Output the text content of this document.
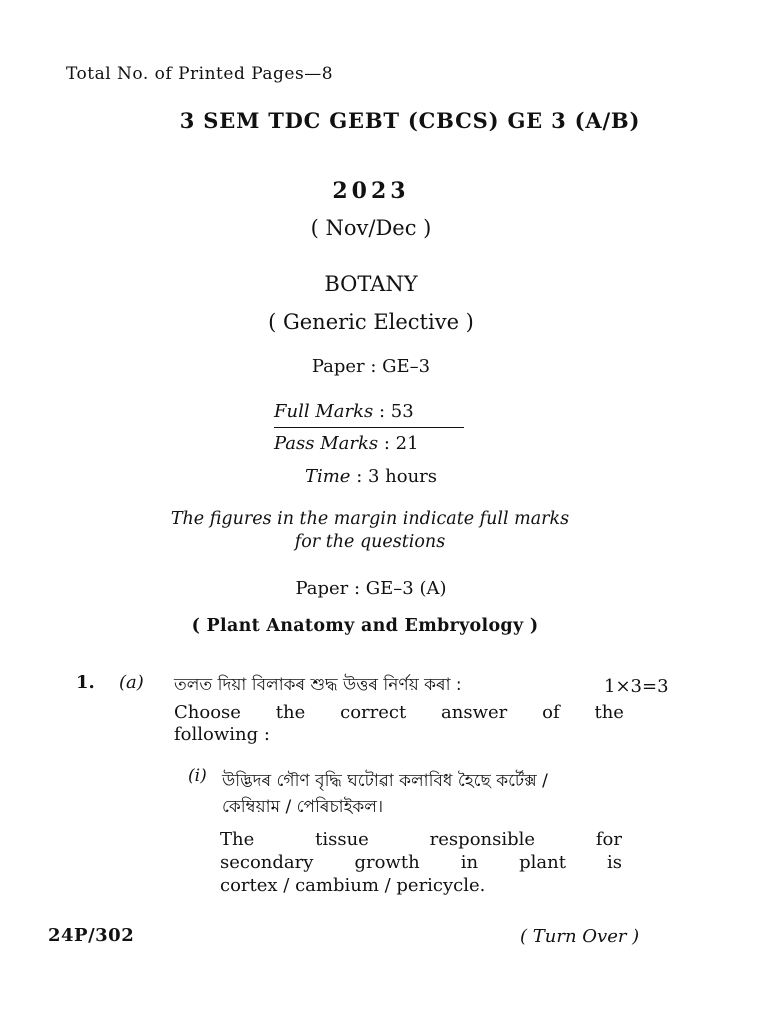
Total No. of Printed Pages—8
3 SEM TDC GEBT (CBCS) GE 3 (A/B)
2023
( Nov/Dec )
BOTANY
( Generic Elective )
Paper : GE–3
Full Marks : 53
Pass Marks : 21
Time : 3 hours
The figures in the margin indicate full marks
for the questions
Paper : GE–3 (A)
( Plant Anatomy and Embryology )
1. (a) তলত দিয়া বিলাকৰ শুদ্ধ উত্তৰ নিৰ্ণয় কৰা :	1×3=3
Choose the correct answer of the
following :
(i) উদ্ভিদৰ গৌণ বৃদ্ধি ঘটোৱা কলাবিধ হৈছে কৰ্টেক্স /
কেম্বিয়াম / পেৰিচাইকল।
The	tissue	responsible	for
secondary growth in plant is
cortex / cambium / pericycle.
24P/302	( Turn Over )
